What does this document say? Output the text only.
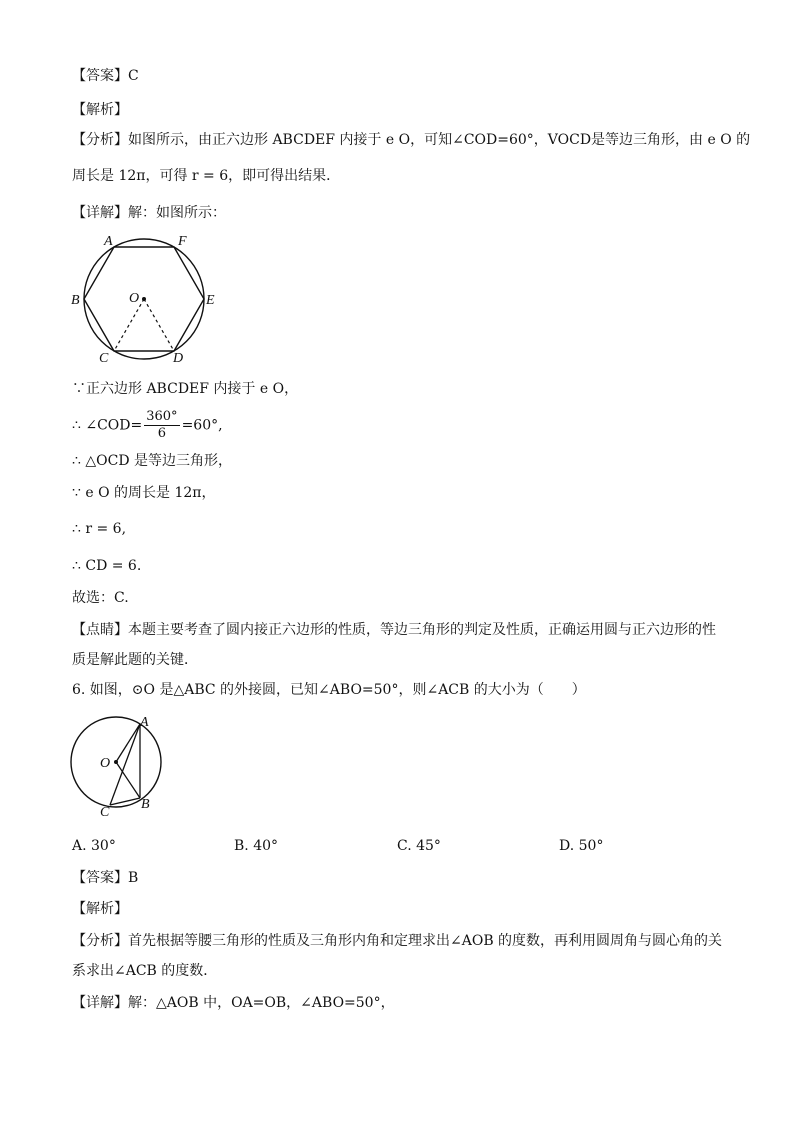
【答案】C
【解析】
【分析】如图所示，由正六边形 ABCDEF 内接于 e O，可知∠COD=60°，VOCD是等边三角形，由 e O 的
周长是 12π，可得 r = 6，即可得出结果．
【详解】解：如图所示：
A	F
B	O	E
C	D
∵正六边形 ABCDEF 内接于 e O，
∴ ∠COD= $\frac{360^\circ}{6} =60^\circ$,
∴ △OCD 是等边三角形，
∵ e O 的周长是 12π，
∴ r = 6,
∴ CD = 6.
故选：C.
【点睛】本题主要考查了圆内接正六边形的性质，等边三角形的判定及性质，正确运用圆与正六边形的性
质是解此题的关键．
6. 如图，⊙O 是△ABC 的外接圆，已知∠ABO=50°，则∠ACB 的大小为（　　）
A
O
B
C
A. 30°	B. 40°	C. 45°	D. 50°
【答案】B
【解析】
【分析】首先根据等腰三角形的性质及三角形内角和定理求出∠AOB 的度数，再利用圆周角与圆心角的关
系求出∠ACB 的度数．
【详解】解：△AOB 中，OA=OB，∠ABO=50°，
